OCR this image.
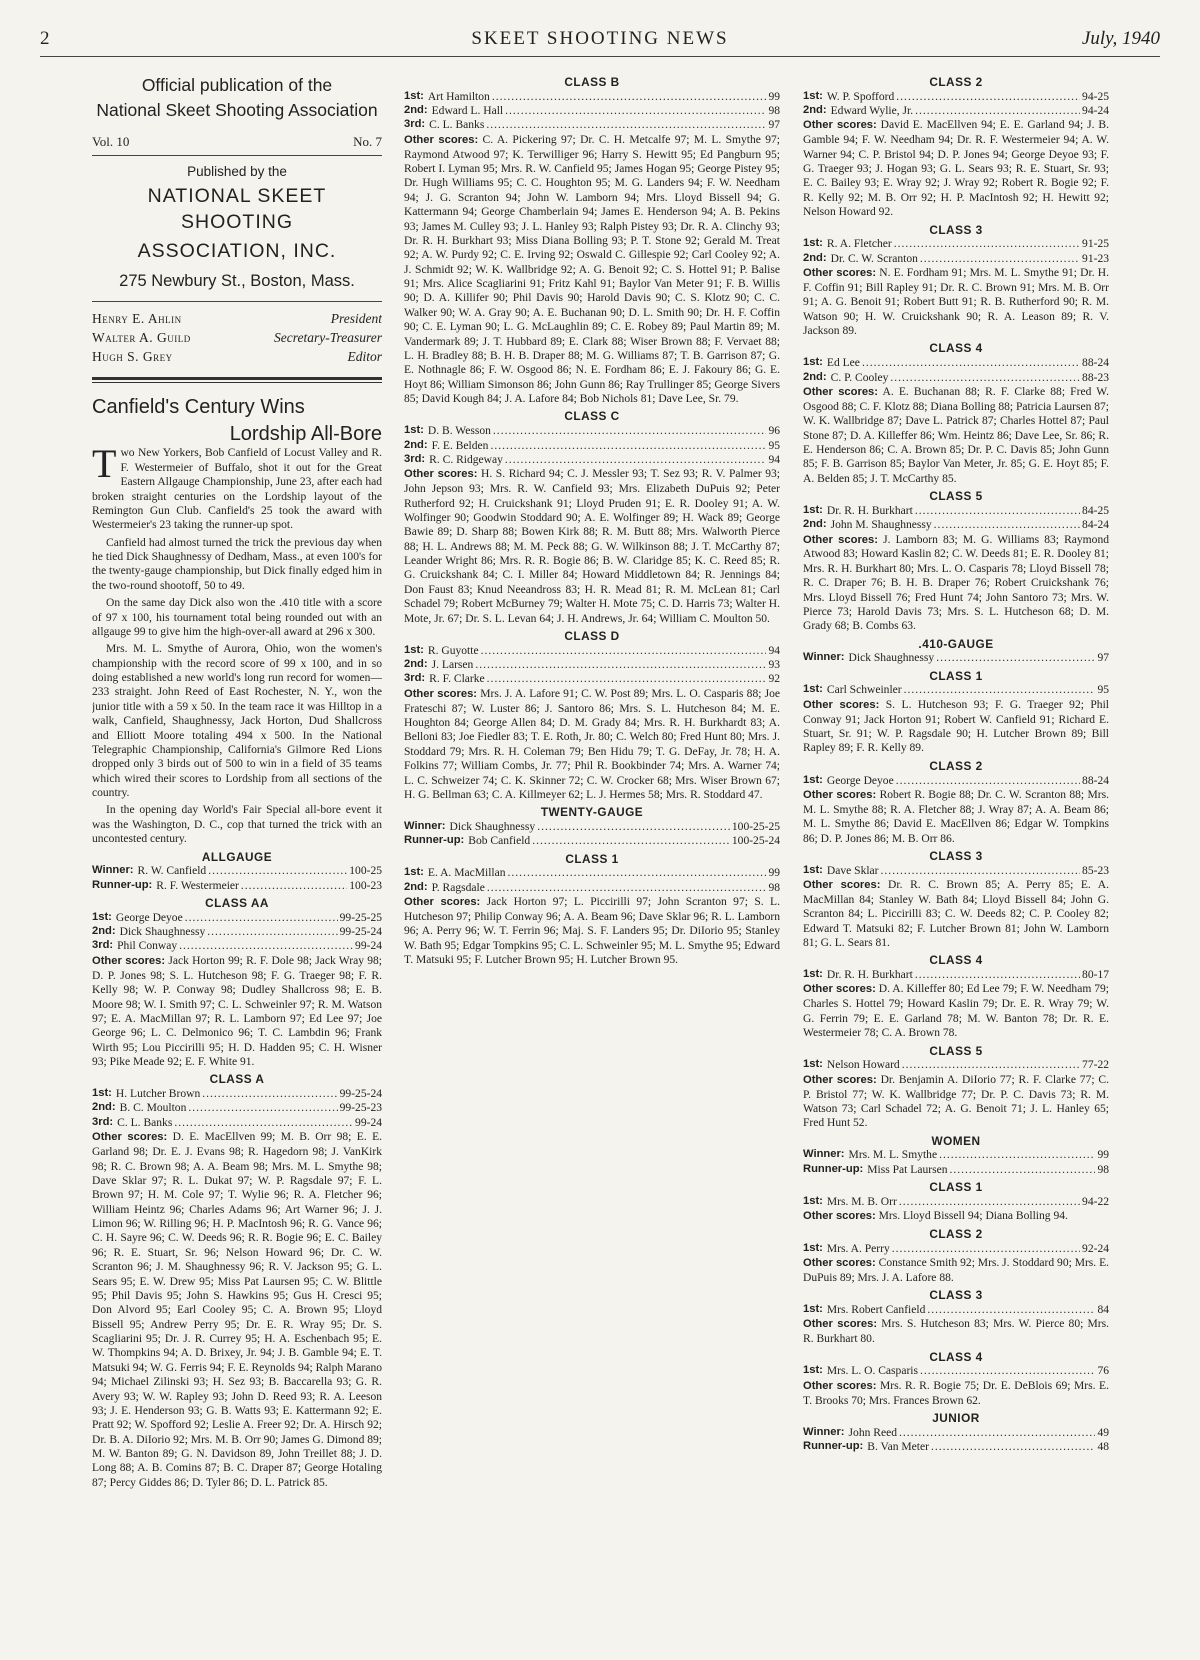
2	SKEET SHOOTING NEWS	July, 1940
Official publication of the
National Skeet Shooting Association
Vol. 10	No. 7
Published by the
NATIONAL SKEET SHOOTING
ASSOCIATION, INC.
275 Newbury St., Boston, Mass.
Henry E. Ahlin	President
Walter A. Guild	Secretary-Treasurer
Hugh S. Grey	Editor
Canfield's Century Wins
Lordship All-Bore

Two New Yorkers, Bob Canfield of Locust Valley and R. F. Westermeier of Buffalo, shot it out for the Great Eastern Allgauge Championship, June 23, after each had broken straight centuries on the Lordship layout of the Remington Gun Club. Canfield's 25 took the award with Westermeier's 23 taking the runner-up spot.

Canfield had almost turned the trick the previous day when he tied Dick Shaughnessy of Dedham, Mass., at even 100's for the twenty-gauge championship, but Dick finally edged him in the two-round shootoff, 50 to 49.

On the same day Dick also won the .410 title with a score of 97 x 100, his tournament total being rounded out with an allgauge 99 to give him the high-over-all award at 296 x 300.

Mrs. M. L. Smythe of Aurora, Ohio, won the women's championship with the record score of 99 x 100, and in so doing established a new world's long run record for women—233 straight. John Reed of East Rochester, N. Y., won the junior title with a 59 x 50. In the team race it was Hilltop in a walk, Canfield, Shaughnessy, Jack Horton, Dud Shallcross and Elliott Moore totaling 494 x 500. In the National Telegraphic Championship, California's Gilmore Red Lions dropped only 3 birds out of 500 to win in a field of 35 teams which wired their scores to Lordship from all sections of the country.

In the opening day World's Fair Special all-bore event it was the Washington, D. C., cop that turned the trick with an uncontested century.

ALLGAUGE
Winner: R. W. Canfield .....	100-25
Runner-up: R. F. Westermeier .....	100-23
CLASS AA
1st: George Deyoe .....	99-25-25
2nd: Dick Shaughnessy .....	99-25-24
3rd: Phil Conway .....	99-24

Other scores: Jack Horton 99; R. F. Dole 98; Jack Wray 98; D. P. Jones 98; S. L. Hutcheson 98; F. G. Traeger 98; F. R. Kelly 98; W. P. Conway 98; Dudley Shallcross 98; E. B. Moore 98; W. I. Smith 97; C. L. Schweinler 97; R. M. Watson 97; E. A. MacMillan 97; R. L. Lamborn 97; Ed Lee 97; Joe George 96; L. C. Delmonico 96; T. C. Lambdin 96; Frank Wirth 95; Lou Piccirilli 95; H. D. Hadden 95; C. H. Wisner 93; Pike Meade 92; E. F. White 91.

CLASS A
1st: H. Lutcher Brown .....	99-25-24
2nd: B. C. Moulton .....	99-25-23
3rd: C. L. Banks .....	99-24

Other scores: D. E. MacEllven 99; M. B. Orr 98; E. E. Garland 98; Dr. E. J. Evans 98; R. Hagedorn 98; J. VanKirk 98; R. C. Brown 98; A. A. Beam 98; Mrs. M. L. Smythe 98; Dave Sklar 97; R. L. Dukat 97; W. P. Ragsdale 97; F. L. Brown 97; H. M. Cole 97; T. Wylie 96; R. A. Fletcher 96; William Heintz 96; Charles Adams 96; Art Warner 96; J. J. Limon 96; W. Rilling 96; H. P. MacIntosh 96; R. G. Vance 96; C. H. Sayre 96; C. W. Deeds 96; R. R. Bogie 96; E. C. Bailey 96; R. E. Stuart, Sr. 96; Nelson Howard 96; Dr. C. W. Scranton 96; J. M. Shaughnessy 96; R. V. Jackson 95; G. L. Sears 95; E. W. Drew 95; Miss Pat Laursen 95; C. W. Blittle 95; Phil Davis 95; John S. Hawkins 95; Gus H. Cresci 95; Don Alvord 95; Earl Cooley 95; C. A. Brown 95; Lloyd Bissell 95; Andrew Perry 95; Dr. E. R. Wray 95; Dr. S. Scagliarini 95; Dr. J. R. Currey 95; H. A. Eschenbach 95; E. W. Thompkins 94; A. D. Brixey, Jr. 94; J. B. Gamble 94; E. T. Matsuki 94; W. G. Ferris 94; F. E. Reynolds 94; Ralph Marano 94; Michael Zilinski 93; H. Sez 93; B. Baccarella 93; G. R. Avery 93; W. W. Rapley 93; John D. Reed 93; R. A. Leeson 93; J. E. Henderson 93; G. B. Watts 93; E. Kattermann 92; E. Pratt 92; W. Spofford 92; Leslie A. Freer 92; Dr. A. Hirsch 92; Dr. B. A. DiIorio 92; Mrs. M. B. Orr 90; James G. Dimond 89; M. W. Banton 89; G. N. Davidson 89, John Treillet 88; J. D. Long 88; A. B. Comins 87; B. C. Draper 87; George Hotaling 87; Percy Giddes 86; D. Tyler 86; D. L. Patrick 85.

CLASS B
1st: Art Hamilton .....	99
2nd: Edward L. Hall .....	98
3rd: C. L. Banks .....	97

Other scores: C. A. Pickering 97; Dr. C. H. Metcalfe 97; M. L. Smythe 97; Raymond Atwood 97; K. Terwilliger 96; Harry S. Hewitt 95; Ed Pangburn 95; Robert I. Lyman 95; Mrs. R. W. Canfield 95; James Hogan 95; George Pistey 95; Dr. Hugh Williams 95; C. C. Houghton 95; M. G. Landers 94; F. W. Needham 94; J. G. Scranton 94; John W. Lamborn 94; Mrs. Lloyd Bissell 94; G. Kattermann 94; George Chamberlain 94; James E. Henderson 94; A. B. Pekins 93; James M. Culley 93; J. L. Hanley 93; Ralph Pistey 93; Dr. R. A. Clinchy 93; Dr. R. H. Burkhart 93; Miss Diana Bolling 93; P. T. Stone 92; Gerald M. Treat 92; A. W. Purdy 92; C. E. Irving 92; Oswald C. Gillespie 92; Carl Cooley 92; A. J. Schmidt 92; W. K. Wallbridge 92; A. G. Benoit 92; C. S. Hottel 91; P. Balise 91; Mrs. Alice Scagliarini 91; Fritz Kahl 91; Baylor Van Meter 91; F. B. Willis 90; D. A. Killifer 90; Phil Davis 90; Harold Davis 90; C. S. Klotz 90; C. C. Walker 90; W. A. Gray 90; A. E. Buchanan 90; D. L. Smith 90; Dr. H. F. Coffin 90; C. E. Lyman 90; L. G. McLaughlin 89; C. E. Robey 89; Paul Martin 89; M. Vandermark 89; J. T. Hubbard 89; E. Clark 88; Wiser Brown 88; F. Vervaet 88; L. H. Bradley 88; B. H. B. Draper 88; M. G. Williams 87; T. B. Garrison 87; G. E. Nothnagle 86; F. W. Osgood 86; N. E. Fordham 86; E. J. Fakoury 86; G. E. Hoyt 86; William Simonson 86; John Gunn 86; Ray Trullinger 85; George Sivers 85; David Kough 84; J. A. Lafore 84; Bob Nichols 81; Dave Lee, Sr. 79.

CLASS C
1st: D. B. Wesson .....	96
2nd: F. E. Belden .....	95
3rd: R. C. Ridgeway .....	94

Other scores: H. S. Richard 94; C. J. Messler 93; T. Sez 93; R. V. Palmer 93; John Jepson 93; Mrs. R. W. Canfield 93; Mrs. Elizabeth DuPuis 92; Peter Rutherford 92; H. Cruickshank 91; Lloyd Pruden 91; E. R. Dooley 91; A. W. Wolfinger 90; Goodwin Stoddard 90; A. E. Wolfinger 89; H. Wack 89; George Bawie 89; D. Sharp 88; Bowen Kirk 88; R. M. Butt 88; Mrs. Walworth Pierce 88; H. L. Andrews 88; M. M. Peck 88; G. W. Wilkinson 88; J. T. McCarthy 87; Leander Wright 86; Mrs. R. R. Bogie 86; B. W. Claridge 85; K. C. Reed 85; R. G. Cruickshank 84; C. I. Miller 84; Howard Middletown 84; R. Jennings 84; Don Faust 83; Knud Neeandross 83; H. R. Mead 81; R. M. McLean 81; Carl Schadel 79; Robert McBurney 79; Walter H. Mote 75; C. D. Harris 73; Walter H. Mote, Jr. 67; Dr. S. L. Levan 64; J. H. Andrews, Jr. 64; William C. Moulton 50.

CLASS D
1st: R. Guyotte .....	94
2nd: J. Larsen .....	93
3rd: R. F. Clarke .....	92

Other scores: Mrs. J. A. Lafore 91; C. W. Post 89; Mrs. L. O. Casparis 88; Joe Frateschi 87; W. Luster 86; J. Santoro 86; Mrs. S. L. Hutcheson 84; M. E. Houghton 84; George Allen 84; D. M. Grady 84; Mrs. R. H. Burkhardt 83; A. Belloni 83; Joe Fiedler 83; T. E. Roth, Jr. 80; C. Welch 80; Fred Hunt 80; Mrs. J. Stoddard 79; Mrs. R. H. Coleman 79; Ben Hidu 79; T. G. DeFay, Jr. 78; H. A. Folkins 77; William Combs, Jr. 77; Phil R. Bookbinder 74; Mrs. A. Warner 74; L. C. Schweizer 74; C. K. Skinner 72; C. W. Crocker 68; Mrs. Wiser Brown 67; H. G. Bellman 63; C. A. Killmeyer 62; L. J. Hermes 58; Mrs. R. Stoddard 47.

TWENTY-GAUGE
Winner: Dick Shaughnessy .....	100-25-25
Runner-up: Bob Canfield .....	100-25-24
CLASS 1
1st: E. A. MacMillan .....	99
2nd: P. Ragsdale .....	98

Other scores: Jack Horton 97; L. Piccirilli 97; John Scranton 97; S. L. Hutcheson 97; Philip Conway 96; A. A. Beam 96; Dave Sklar 96; R. L. Lamborn 96; A. Perry 96; W. T. Ferrin 96; Maj. S. F. Landers 95; Dr. DiIorio 95; Stanley W. Bath 95; Edgar Tompkins 95; C. L. Schweinler 95; M. L. Smythe 95; Edward T. Matsuki 95; F. Lutcher Brown 95; H. Lutcher Brown 95.

CLASS 2
1st: W. P. Spofford .....	94-25
2nd: Edward Wylie, Jr. .....	94-24

Other scores: David E. MacEllven 94; E. E. Garland 94; J. B. Gamble 94; F. W. Needham 94; Dr. R. F. Westermeier 94; A. W. Warner 94; C. P. Bristol 94; D. P. Jones 94; George Deyoe 93; F. G. Traeger 93; J. Hogan 93; G. L. Sears 93; R. E. Stuart, Sr. 93; E. C. Bailey 93; E. Wray 92; J. Wray 92; Robert R. Bogie 92; F. R. Kelly 92; M. B. Orr 92; H. P. MacIntosh 92; H. Hewitt 92; Nelson Howard 92.

CLASS 3
1st: R. A. Fletcher .....	91-25
2nd: Dr. C. W. Scranton .....	91-23

Other scores: N. E. Fordham 91; Mrs. M. L. Smythe 91; Dr. H. F. Coffin 91; Bill Rapley 91; Dr. R. C. Brown 91; Mrs. M. B. Orr 91; A. G. Benoit 91; Robert Butt 91; R. B. Rutherford 90; R. M. Watson 90; H. W. Cruickshank 90; R. A. Leason 89; R. V. Jackson 89.

CLASS 4
1st: Ed Lee .....	88-24
2nd: C. P. Cooley .....	88-23

Other scores: A. E. Buchanan 88; R. F. Clarke 88; Fred W. Osgood 88; C. F. Klotz 88; Diana Bolling 88; Patricia Laursen 87; W. K. Wallbridge 87; Dave L. Patrick 87; Charles Hottel 87; Paul Stone 87; D. A. Killeffer 86; Wm. Heintz 86; Dave Lee, Sr. 86; R. E. Henderson 86; C. A. Brown 85; Dr. P. C. Davis 85; John Gunn 85; F. B. Garrison 85; Baylor Van Meter, Jr. 85; G. E. Hoyt 85; F. A. Belden 85; J. T. McCarthy 85.

CLASS 5
1st: Dr. R. H. Burkhart .....	84-25
2nd: John M. Shaughnessy .....	84-24

Other scores: J. Lamborn 83; M. G. Williams 83; Raymond Atwood 83; Howard Kaslin 82; C. W. Deeds 81; E. R. Dooley 81; Mrs. R. H. Burkhart 80; Mrs. L. O. Casparis 78; Lloyd Bissell 78; R. C. Draper 76; B. H. B. Draper 76; Robert Cruickshank 76; Mrs. Lloyd Bissell 76; Fred Hunt 74; John Santoro 73; Mrs. W. Pierce 73; Harold Davis 73; Mrs. S. L. Hutcheson 68; D. M. Grady 68; B. Combs 63.

.410-GAUGE
Winner: Dick Shaughnessy .....	97
CLASS 1
1st: Carl Schweinler .....	95

Other scores: S. L. Hutcheson 93; F. G. Traeger 92; Phil Conway 91; Jack Horton 91; Robert W. Canfield 91; Richard E. Stuart, Sr. 91; W. P. Ragsdale 90; H. Lutcher Brown 89; Bill Rapley 89; F. R. Kelly 89.

CLASS 2
1st: George Deyoe .....	88-24

Other scores: Robert R. Bogie 88; Dr. C. W. Scranton 88; Mrs. M. L. Smythe 88; R. A. Fletcher 88; J. Wray 87; A. A. Beam 86; M. L. Smythe 86; David E. MacEllven 86; Edgar W. Tompkins 86; D. P. Jones 86; M. B. Orr 86.

CLASS 3
1st: Dave Sklar .....	85-23

Other scores: Dr. R. C. Brown 85; A. Perry 85; E. A. MacMillan 84; Stanley W. Bath 84; Lloyd Bissell 84; John G. Scranton 84; L. Piccirilli 83; C. W. Deeds 82; C. P. Cooley 82; Edward T. Matsuki 82; F. Lutcher Brown 81; John W. Lamborn 81; G. L. Sears 81.

CLASS 4
1st: Dr. R. H. Burkhart .....	80-17

Other scores: D. A. Killeffer 80; Ed Lee 79; F. W. Needham 79; Charles S. Hottel 79; Howard Kaslin 79; Dr. E. R. Wray 79; W. G. Ferrin 79; E. E. Garland 78; M. W. Banton 78; Dr. R. E. Westermeier 78; C. A. Brown 78.

CLASS 5
1st: Nelson Howard .....	77-22

Other scores: Dr. Benjamin A. DiIorio 77; R. F. Clarke 77; C. P. Bristol 77; W. K. Wallbridge 77; Dr. P. C. Davis 73; R. M. Watson 73; Carl Schadel 72; A. G. Benoit 71; J. L. Hanley 65; Fred Hunt 52.

WOMEN
Winner: Mrs. M. L. Smythe .....	99
Runner-up: Miss Pat Laursen .....	98
CLASS 1
1st: Mrs. M. B. Orr .....	94-22

Other scores: Mrs. Lloyd Bissell 94; Diana Bolling 94.

CLASS 2
1st: Mrs. A. Perry .....	92-24

Other scores: Constance Smith 92; Mrs. J. Stoddard 90; Mrs. E. DuPuis 89; Mrs. J. A. Lafore 88.

CLASS 3
1st: Mrs. Robert Canfield .....	84

Other scores: Mrs. S. Hutcheson 83; Mrs. W. Pierce 80; Mrs. R. Burkhart 80.

CLASS 4
1st: Mrs. L. O. Casparis .....	76

Other scores: Mrs. R. R. Bogie 75; Dr. E. DeBlois 69; Mrs. E. T. Brooks 70; Mrs. Frances Brown 62.

JUNIOR
Winner: John Reed .....	49
Runner-up: B. Van Meter .....	48
